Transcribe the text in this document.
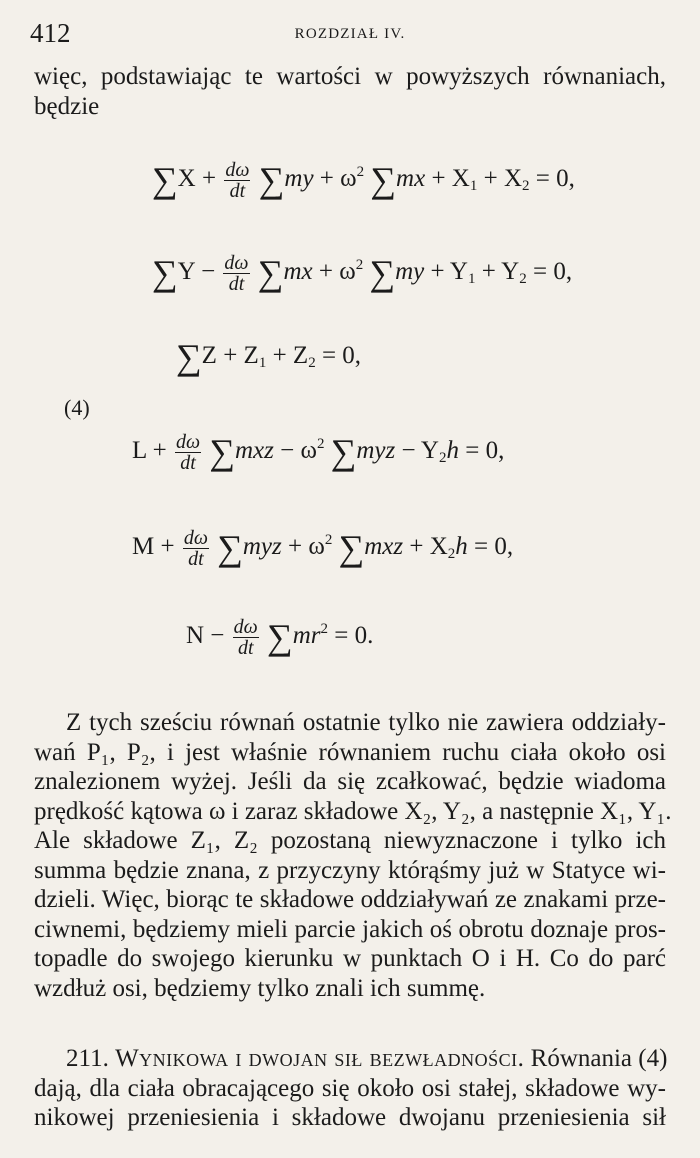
412	ROZDZIAŁ IV.
więc, podstawiając te wartości w powyższych równaniach,
będzie
$\sum X + \frac{d\omega}{dt} \sum my + \omega^2$ $\sum mx + X_1 + X_2 = 0$,
$\sum Y - \frac{d\omega}{dt} \sum mx + \omega^2$ $\sum my + Y_1 + Y_2 = 0$,
$\sum Z + Z_1 + Z_2 = 0$,
(4)
$L + \frac{d\omega}{dt} \sum mxz - \omega^2$ $\sum myz - Y_2h = 0$,
$M + \frac{d\omega}{dt} \sum myz + \omega^2$ $\sum mxz + X_2h = 0$,
$N - \frac{d\omega}{dt} \sum mr^2 = 0$.
Z tych sześciu równań ostatnie tylko nie zawiera oddziały-
wań P₁, P₂, i jest właśnie równaniem ruchu ciała około osi
znalezionem wyżej. Jeśli da się zcałkować, będzie wiadoma
prędkość kątowa ω i zaraz składowe X₂, Y₂, a następnie X₁, Y₁.
Ale składowe Z₁, Z₂ pozostaną niewyznaczone i tylko ich
summa będzie znana, z przyczyny którąśmy już w Statyce wi-
dzieli. Więc, biorąc te składowe oddziaływań ze znakami prze-
ciwnemi, będziemy mieli parcie jakich oś obrotu doznaje pros-
topadle do swojego kierunku w punktach O i H. Co do parć
wzdłuż osi, będziemy tylko znali ich summę.
211. Wynikowa i dwojan sił bezwładności. Równania (4)
dają, dla ciała obracającego się około osi stałej, składowe wy-
nikowej przeniesienia i składowe dwojanu przeniesienia sił
